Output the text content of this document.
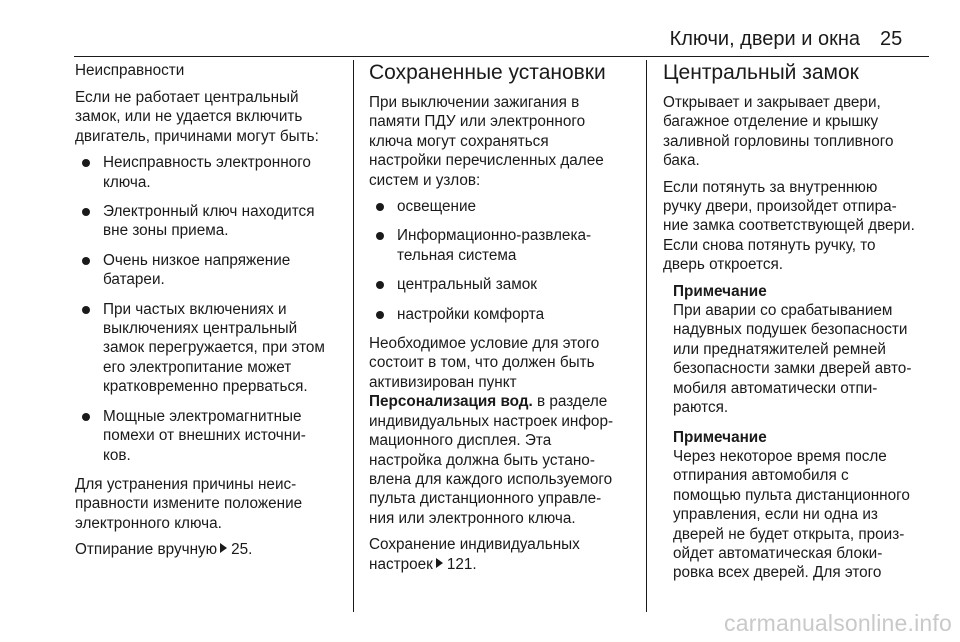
Ключи, двери и окна 25
Неисправности

Если не работает центральный
замок, или не удается включить
двигатель, причинами могут быть:

Неисправность электронного
ключа.
Электронный ключ находится
вне зоны приема.
Очень низкое напряжение
батареи.
При частых включениях и
выключениях центральный
замок перегружается, при этом
его электропитание может
кратковременно прерваться.
Мощные электромагнитные
помехи от внешних источни-
ков.

Для устранения причины неис-
правности измените положение
электронного ключа.

Отпирание вручную 25.

Сохраненные установки

При выключении зажигания в
памяти ПДУ или электронного
ключа могут сохраняться
настройки перечисленных далее
систем и узлов:

освещение
Информационно-развлека-
тельная система
центральный замок
настройки комфорта

Необходимое условие для этого
состоит в том, что должен быть
активизирован пункт
Персонализация вод. в разделе
индивидуальных настроек инфор-
мационного дисплея. Эта
настройка должна быть устано-
влена для каждого используемого
пульта дистанционного управле-
ния или электронного ключа.

Сохранение индивидуальных
настроек 121.

Центральный замок

Открывает и закрывает двери,
багажное отделение и крышку
заливной горловины топливного
бака.

Если потянуть за внутреннюю
ручку двери, произойдет отпира-
ние замка соответствующей двери.
Если снова потянуть ручку, то
дверь откроется.

Примечание
При аварии со срабатыванием
надувных подушек безопасности
или преднатяжителей ремней
безопасности замки дверей авто-
мобиля автоматически отпи-
раются.
Примечание
Через некоторое время после
отпирания автомобиля с
помощью пульта дистанционного
управления, если ни одна из
дверей не будет открыта, произ-
ойдет автоматическая блоки-
ровка всех дверей. Для этого
carmanualsonline.info
